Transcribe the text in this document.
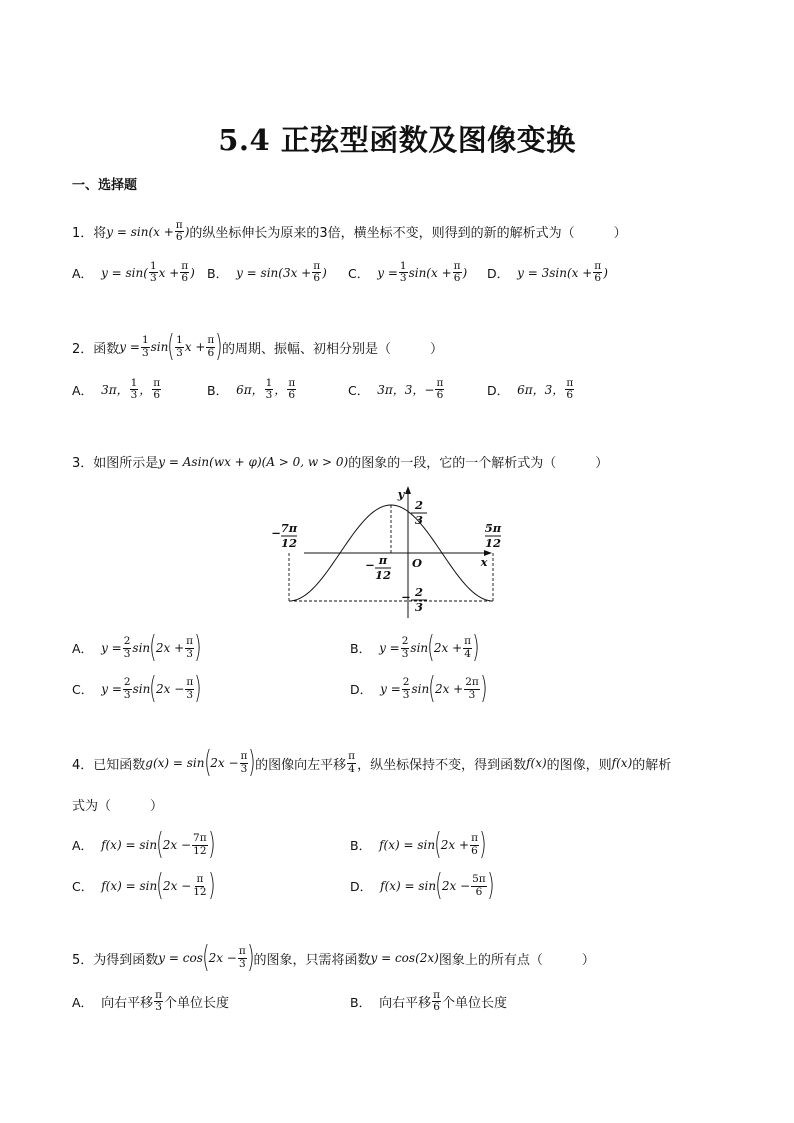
5.4 正弦型函数及图像变换
一、选择题
1．将 $y = \sin(x + \frac{\pi}{6}$ ) 的纵坐标伸长为原来的3倍，横坐标不变，则得到的新的解析式为（　　　）
A． $y = \sin( \frac{1}{3}$ $x + \frac{\pi}{6}$ ) B． $y = \sin(3x + \frac{\pi}{6}$ ) C． $y = \frac{1}{3} \sin(x + \frac{\pi}{6}$ ) D． $y = 3\sin(x + \frac{\pi}{6}$ )
2．函数 $y = \frac{1}{3}$ sin ( $\frac{1}{3}$ $x + \frac{\pi}{6}$ ) 的周期、振幅、初相分别是（　　　）
A． 3π， $\frac{1}{3}$ ， $\frac{\pi}{6}$	B． 6π， $\frac{1}{3}$ ， $\frac{\pi}{6}$	C． 3π，3，− $\frac{\pi}{6}$	D． 6π，3， $\frac{\pi}{6}$
3．如图所示是 y = Asin (wx + φ) (A > 0, w > 0) 的图象的一段，它的一个解析式为（　　　）
2
3
− 2
3
− 7π
12
5π
12
− π
12
O	x
y
A． $y = \frac{2}{3}$ sin ( $2x + \frac{\pi}{3}$ )	B． $y = \frac{2}{3}$ sin ( $2x + \frac{\pi}{4}$ )
C． $y = \frac{2}{3}$ sin ( $2x - \frac{\pi}{3}$ )	D． $y = \frac{2}{3}$ sin ( $2x + \frac{2\pi}{3}$ )
4．已知函数 g(x) = sin ( $2x - \frac{\pi}{3}$ ) 的图像向左平移 $\frac{\pi}{4}$ ，纵坐标保持不变，得到函数 f(x) 的图像，则 f(x) 的解析
式为（　　　）
A． f(x) = sin ( $2x - \frac{7\pi}{12}$ )	B． f(x) = sin ( $2x + \frac{\pi}{6}$ )
C． f(x) = sin ( $2x - \frac{\pi}{12}$ )	D． f(x) = sin ( $2x - \frac{5\pi}{6}$ )
5．为得到函数 y = cos ( $2x - \frac{\pi}{3}$ ) 的图象，只需将函数 y = cos (2x) 图象上的所有点（　　　）
A． 向右平移 $\frac{\pi}{3}$ 个单位长度	B． 向右平移 $\frac{\pi}{6}$ 个单位长度
